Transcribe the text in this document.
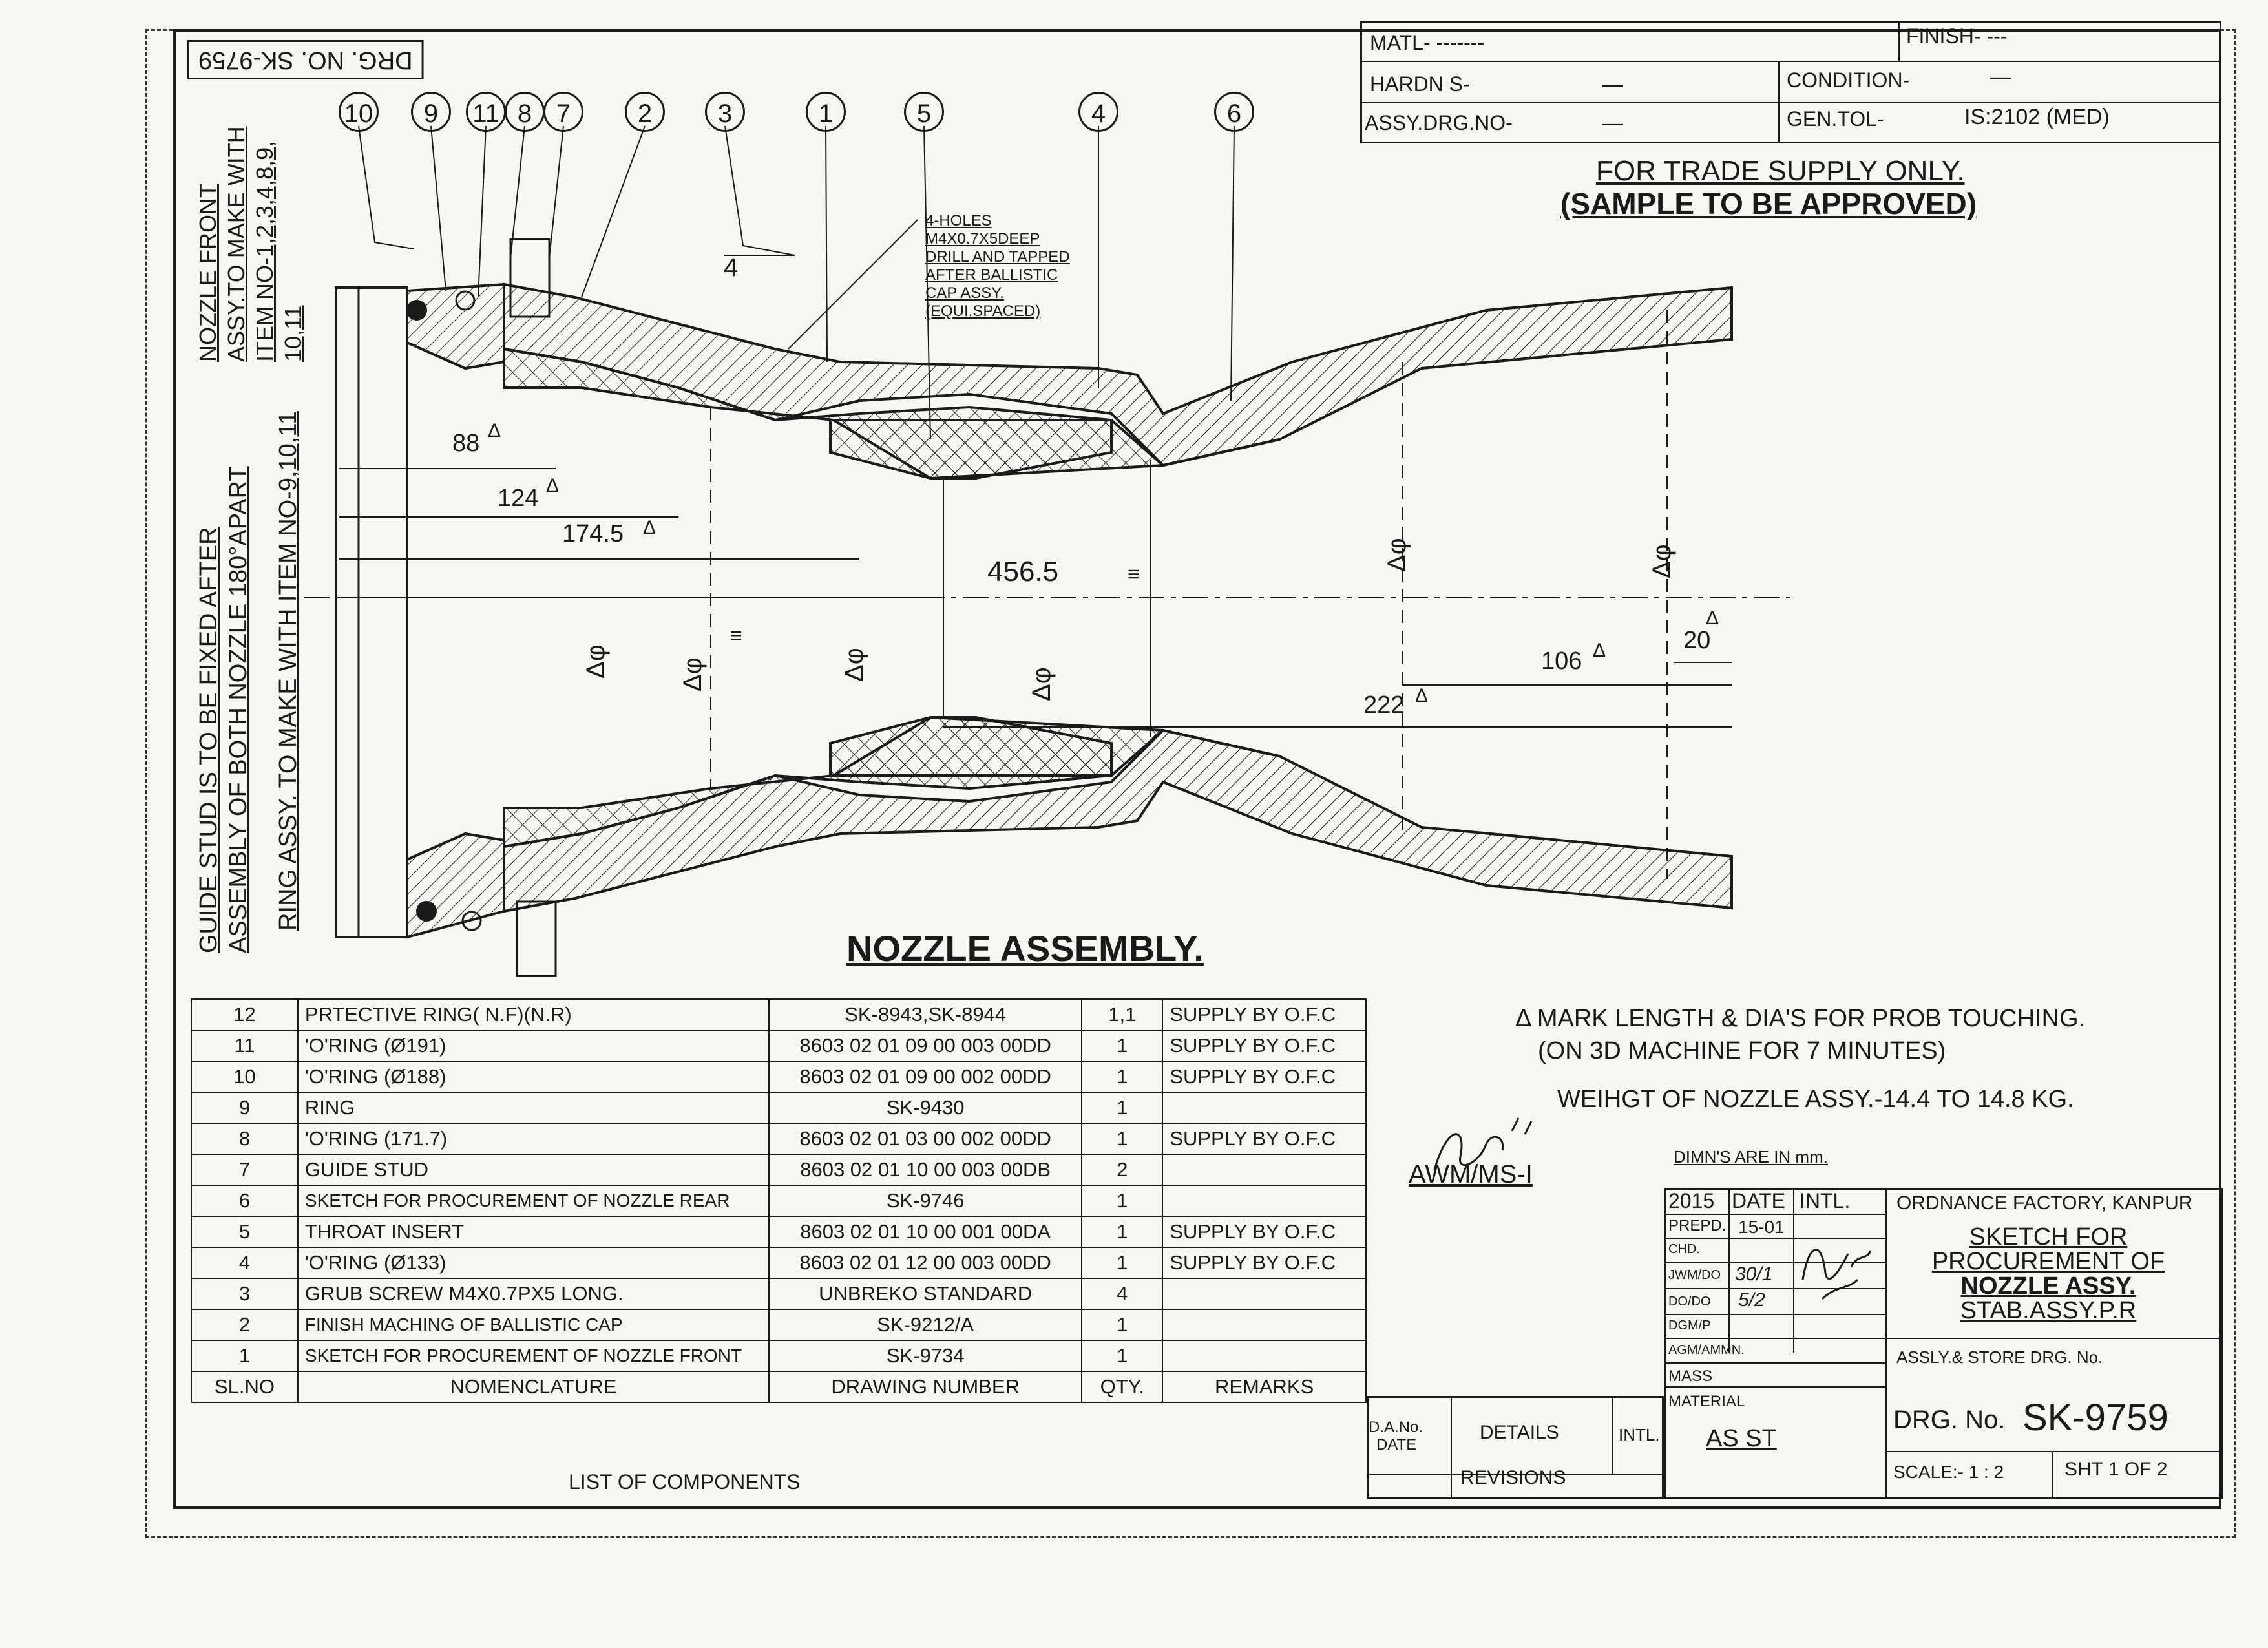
DRG. NO. SK-9759
MATL- -------	FINISH- ---
HARDN S-	—	CONDITION-	—
ASSY.DRG.NO-	—	GEN.TOL-	IS:2102 (MED)
FOR TRADE SUPPLY ONLY.
(SAMPLE TO BE APPROVED)
NOZZLE FRONT ASSY.TO MAKE WITH ITEM NO-1,2,3,4,8,9, 10,11
GUIDE STUD IS TO BE FIXED AFTER ASSEMBLY OF BOTH NOZZLE 180°APART RING ASSY. TO MAKE WITH ITEM NO-9,10,11
10	9	11 8 7	2	3	1	5	4	6
4-HOLES
M4X0.7X5DEEP
DRILL AND TAPPED
AFTER BALLISTIC
CAP ASSY.
(EQUI.SPACED)
4
88 Δ
124 Δ
174.5 Δ
456.5
106 Δ	20
Δ
222 Δ
≡
≡
Δφ	Δφ	Δφ
Δφ
Δφ	Δφ
NOZZLE ASSEMBLY.
Δ MARK LENGTH & DIA'S FOR PROB TOUCHING.
(ON 3D MACHINE FOR 7 MINUTES)
WEIHGT OF NOZZLE ASSY.-14.4 TO 14.8 KG.
AWM/MS-I
DIMN'S ARE IN mm.
12	PRTECTIVE RING( N.F)(N.R)	SK-8943,SK-8944	1,1	SUPPLY BY O.F.C
11	'O'RING (Ø191)	8603 02 01 09 00 003 00DD	1	SUPPLY BY O.F.C
10	'O'RING (Ø188)	8603 02 01 09 00 002 00DD	1	SUPPLY BY O.F.C
9	RING	SK-9430	1	
8	'O'RING (171.7)	8603 02 01 03 00 002 00DD	1	SUPPLY BY O.F.C
7	GUIDE STUD	8603 02 01 10 00 003 00DB	2	
6	SKETCH FOR PROCUREMENT OF NOZZLE REAR	SK-9746	1	
5	THROAT INSERT	8603 02 01 10 00 001 00DA	1	SUPPLY BY O.F.C
4	'O'RING (Ø133)	8603 02 01 12 00 003 00DD	1	SUPPLY BY O.F.C
3	GRUB SCREW M4X0.7PX5 LONG.	UNBREKO STANDARD	4	
2	FINISH MACHING OF BALLISTIC CAP	SK-9212/A	1	
1	SKETCH FOR PROCUREMENT OF NOZZLE FRONT	SK-9734	1	
SL.NO	NOMENCLATURE	DRAWING NUMBER	QTY.	REMARKS
LIST OF COMPONENTS
D.A.No.
DATE
DETAILS	INTL.
REVISIONS
2015 DATE INTL.
PREPD. 15-01
CHD.
JWM/DO 30/1
DO/DO 5/2
DGM/P
AGM/AMMN.
MASS
MATERIAL
AS ST
ORDNANCE FACTORY, KANPUR
SKETCH FOR
PROCUREMENT OF
NOZZLE ASSY.
STAB.ASSY.P.R
ASSLY.& STORE DRG. No.
DRG. No. SK-9759
SCALE:- 1 : 2	SHT 1 OF 2
